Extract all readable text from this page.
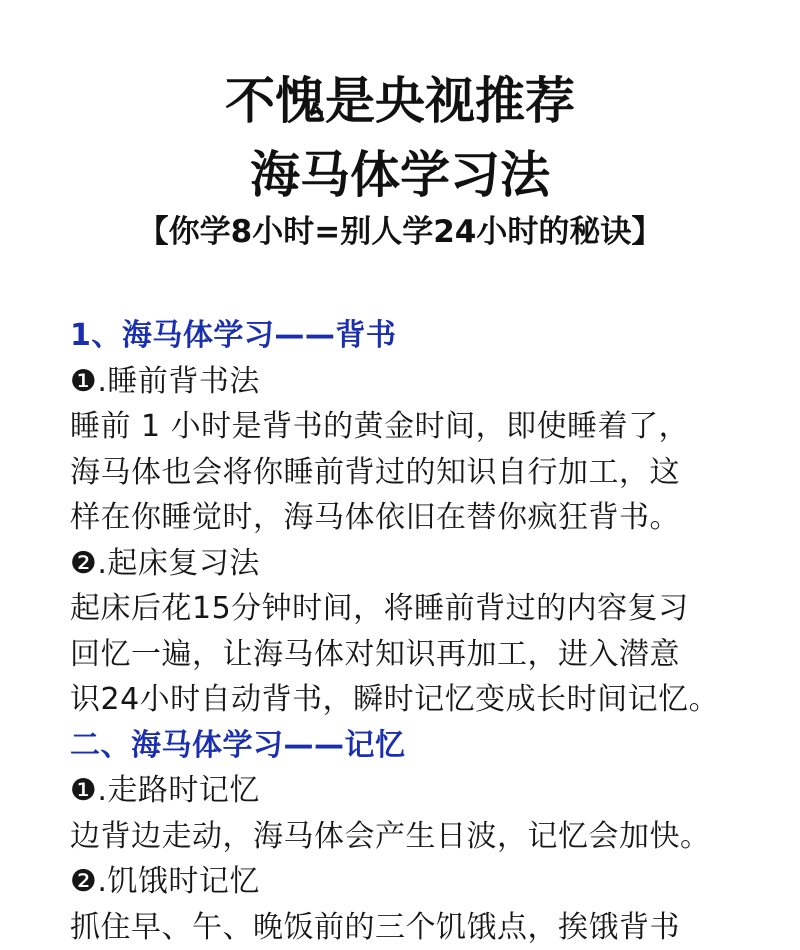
不愧是央视推荐
海马体学习法
【你学8小时=别人学24小时的秘诀】
1、海马体学习——背书
❶.睡前背书法
睡前 1 小时是背书的黄金时间，即使睡着了，
海马体也会将你睡前背过的知识自行加工，这
样在你睡觉时，海马体依旧在替你疯狂背书。
❷.起床复习法
起床后花15分钟时间，将睡前背过的内容复习
回忆一遍，让海马体对知识再加工，进入潜意
识24小时自动背书，瞬时记忆变成长时间记忆。
二、海马体学习——记忆
❶.走路时记忆
边背边走动，海马体会产生日波，记忆会加快。
❷.饥饿时记忆
抓住早、午、晚饭前的三个饥饿点，挨饿背书
